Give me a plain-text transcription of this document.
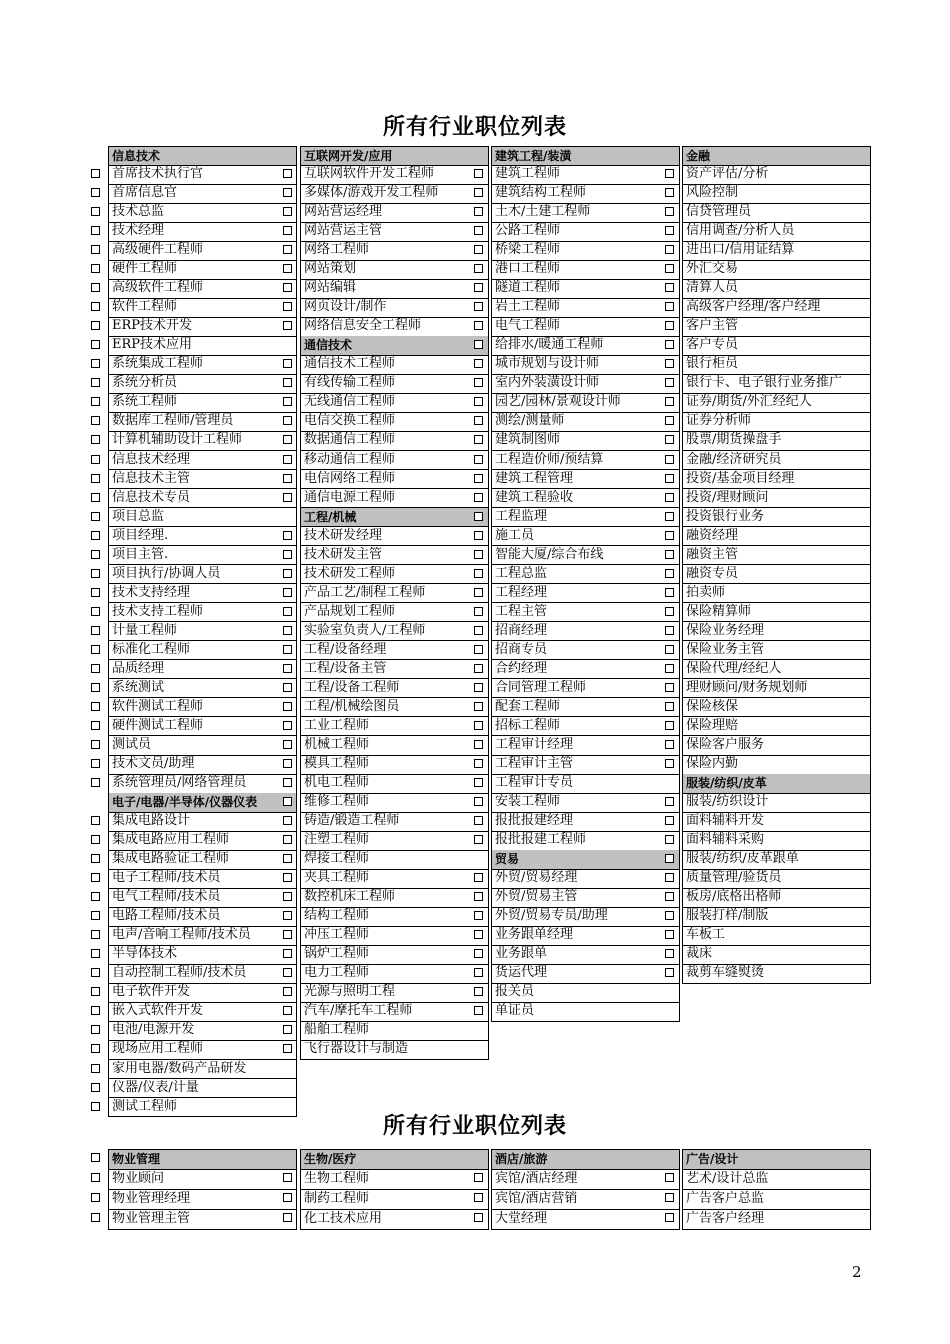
所有行业职位列表
信息技术
首席技术执行官
首席信息官
技术总监
技术经理
高级硬件工程师
硬件工程师
高级软件工程师
软件工程师
ERP技术开发
ERP技术应用
系统集成工程师
系统分析员
系统工程师
数据库工程师/管理员
计算机辅助设计工程师
信息技术经理
信息技术主管
信息技术专员
项目总监
项目经理.
项目主管.
项目执行/协调人员
技术支持经理
技术支持工程师
计量工程师
标准化工程师
品质经理
系统测试
软件测试工程师
硬件测试工程师
测试员
技术文员/助理
系统管理员/网络管理员
电子/电器/半导体/仪器仪表
集成电路设计
集成电路应用工程师
集成电路验证工程师
电子工程师/技术员
电气工程师/技术员
电路工程师/技术员
电声/音响工程师/技术员
半导体技术
自动控制工程师/技术员
电子软件开发
嵌入式软件开发
电池/电源开发
现场应用工程师
家用电器/数码产品研发
仪器/仪表/计量
测试工程师
互联网开发/应用
互联网软件开发工程师
多媒体/游戏开发工程师
网站营运经理
网站营运主管
网络工程师
网站策划
网站编辑
网页设计/制作
网络信息安全工程师
通信技术
通信技术工程师
有线传输工程师
无线通信工程师
电信交换工程师
数据通信工程师
移动通信工程师
电信网络工程师
通信电源工程师
工程/机械
技术研发经理
技术研发主管
技术研发工程师
产品工艺/制程工程师
产品规划工程师
实验室负责人/工程师
工程/设备经理
工程/设备主管
工程/设备工程师
工程/机械绘图员
工业工程师
机械工程师
模具工程师
机电工程师
维修工程师
铸造/锻造工程师
注塑工程师
焊接工程师
夹具工程师
数控机床工程师
结构工程师
冲压工程师
锅炉工程师
电力工程师
光源与照明工程
汽车/摩托车工程师
船舶工程师
飞行器设计与制造
建筑工程/装潢
建筑工程师
建筑结构工程师
土木/土建工程师
公路工程师
桥梁工程师
港口工程师
隧道工程师
岩土工程师
电气工程师
给排水/暖通工程师
城市规划与设计师
室内外装潢设计师
园艺/园林/景观设计师
测绘/测量师
建筑制图师
工程造价师/预结算
建筑工程管理
建筑工程验收
工程监理
施工员
智能大厦/综合布线
工程总监
工程经理
工程主管
招商经理
招商专员
合约经理
合同管理工程师
配套工程师
招标工程师
工程审计经理
工程审计主管
工程审计专员
安装工程师
报批报建经理
报批报建工程师
贸易
外贸/贸易经理
外贸/贸易主管
外贸/贸易专员/助理
业务跟单经理
业务跟单
货运代理
报关员
单证员
金融
资产评估/分析
风险控制
信贷管理员
信用调查/分析人员
进出口/信用证结算
外汇交易
清算人员
高级客户经理/客户经理
客户主管
客户专员
银行柜员
银行卡、电子银行业务推广
证券/期货/外汇经纪人
证券分析师
股票/期货操盘手
金融/经济研究员
投资/基金项目经理
投资/理财顾问
投资银行业务
融资经理
融资主管
融资专员
拍卖师
保险精算师
保险业务经理
保险业务主管
保险代理/经纪人
理财顾问/财务规划师
保险核保
保险理赔
保险客户服务
保险内勤
服装/纺织/皮革
服装/纺织设计
面料辅料开发
面料辅料采购
服装/纺织/皮革跟单
质量管理/验货员
板房/底格出格师
服装打样/制版
车板工
裁床
裁剪车缝熨烫
所有行业职位列表
物业管理
物业顾问
物业管理经理
物业管理主管
生物/医疗
生物工程师
制药工程师
化工技术应用
酒店/旅游
宾馆/酒店经理
宾馆/酒店营销
大堂经理
广告/设计
艺术/设计总监
广告客户总监
广告客户经理
2
